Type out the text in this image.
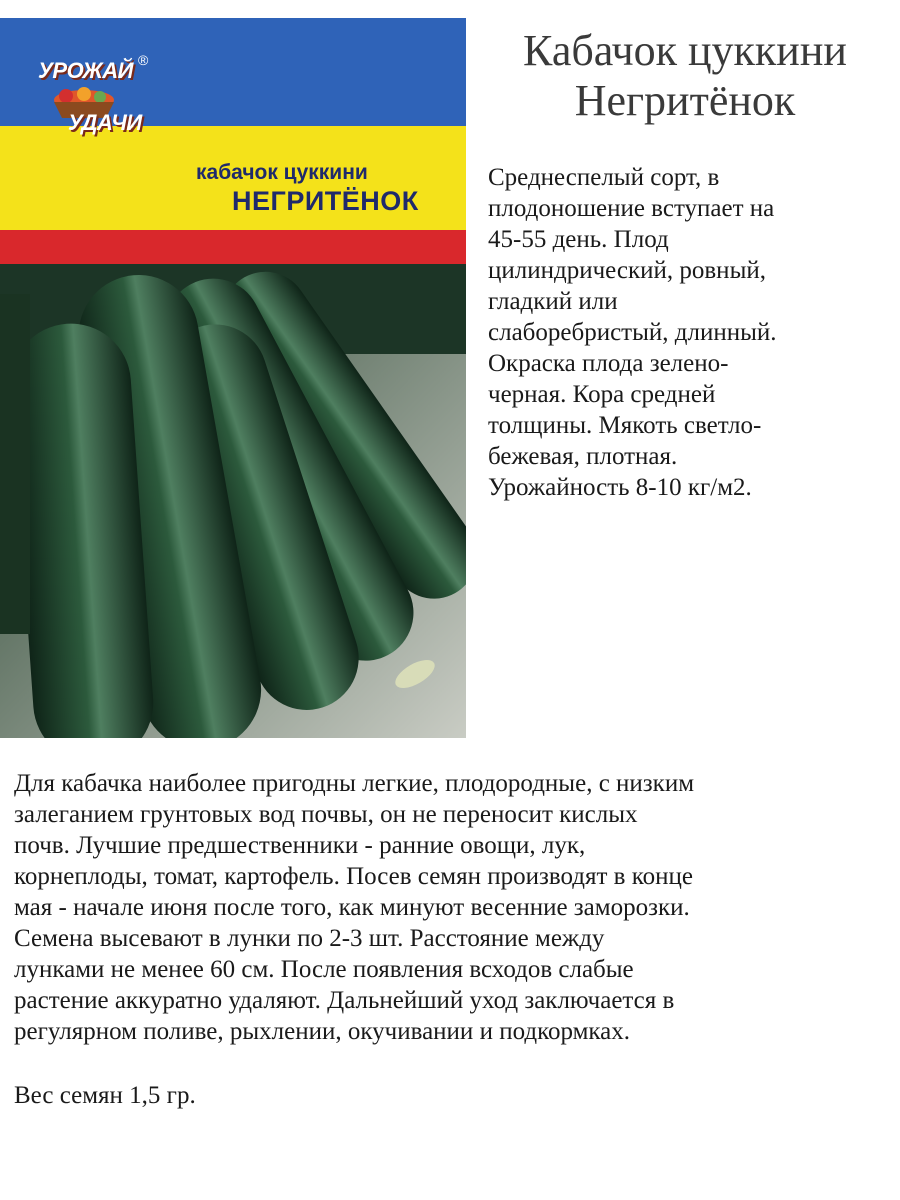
УРОЖАЙ ®
УДАЧИ
кабачок цуккини
НЕГРИТЁНОК
Кабачок цуккини
Негритёнок

Среднеспелый сорт, в
плодоношение вступает на
45-55 день. Плод
цилиндрический, ровный,
гладкий или
слаборебристый, длинный.
Окраска плода зелено-
черная. Кора средней
толщины. Мякоть светло-
бежевая, плотная.
Урожайность 8-10 кг/м2.

Для кабачка наиболее пригодны легкие, плодородные, с низким
залеганием грунтовых вод почвы, он не переносит кислых
почв. Лучшие предшественники - ранние овощи, лук,
корнеплоды, томат, картофель. Посев семян производят в конце
мая - начале июня после того, как минуют весенние заморозки.
Семена высевают в лунки по 2-3 шт. Расстояние между
лунками не менее 60 см. После появления всходов слабые
растение аккуратно удаляют. Дальнейший уход заключается в
регулярном поливе, рыхлении, окучивании и подкормках.

Вес семян 1,5 гр.
